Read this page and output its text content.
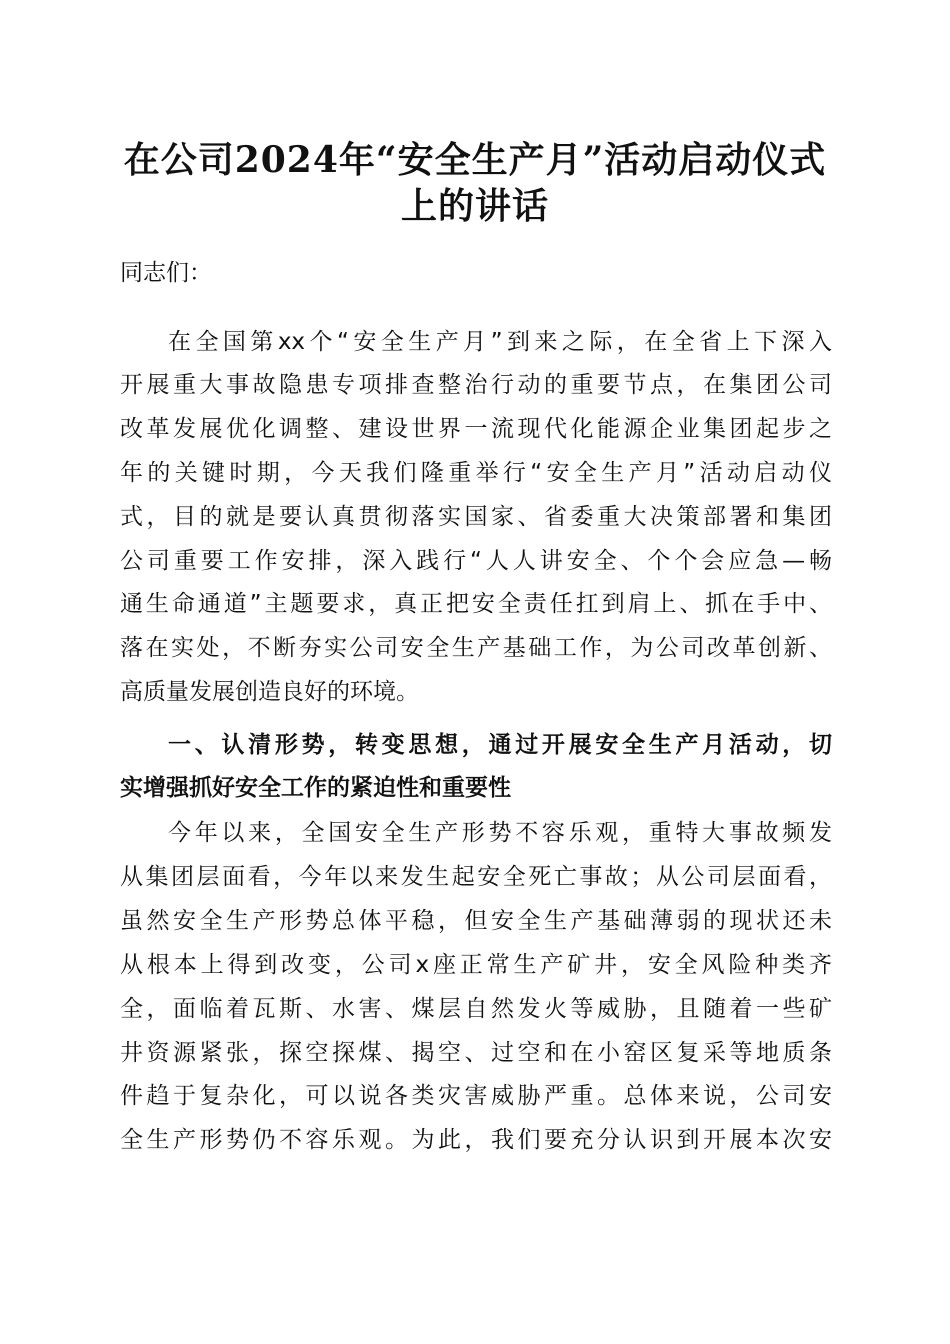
在公司2024年“安全生产月”活动启动仪式
上的讲话
同志们：
在全国第xx个“安全生产月”到来之际，在全省上下深入
开展重大事故隐患专项排查整治行动的重要节点，在集团公司
改革发展优化调整、建设世界一流现代化能源企业集团起步之
年的关键时期，今天我们隆重举行“安全生产月”活动启动仪
式，目的就是要认真贯彻落实国家、省委重大决策部署和集团
公司重要工作安排，深入践行“人人讲安全、个个会应急—畅
通生命通道”主题要求，真正把安全责任扛到肩上、抓在手中、
落在实处，不断夯实公司安全生产基础工作，为公司改革创新、
高质量发展创造良好的环境。
一、认清形势，转变思想，通过开展安全生产月活动，切
实增强抓好安全工作的紧迫性和重要性
今年以来，全国安全生产形势不容乐观，重特大事故频发
从集团层面看，今年以来发生起安全死亡事故；从公司层面看，
虽然安全生产形势总体平稳，但安全生产基础薄弱的现状还未
从根本上得到改变，公司x座正常生产矿井，安全风险种类齐
全，面临着瓦斯、水害、煤层自然发火等威胁，且随着一些矿
井资源紧张，探空探煤、揭空、过空和在小窑区复采等地质条
件趋于复杂化，可以说各类灾害威胁严重。总体来说，公司安
全生产形势仍不容乐观。为此，我们要充分认识到开展本次安
